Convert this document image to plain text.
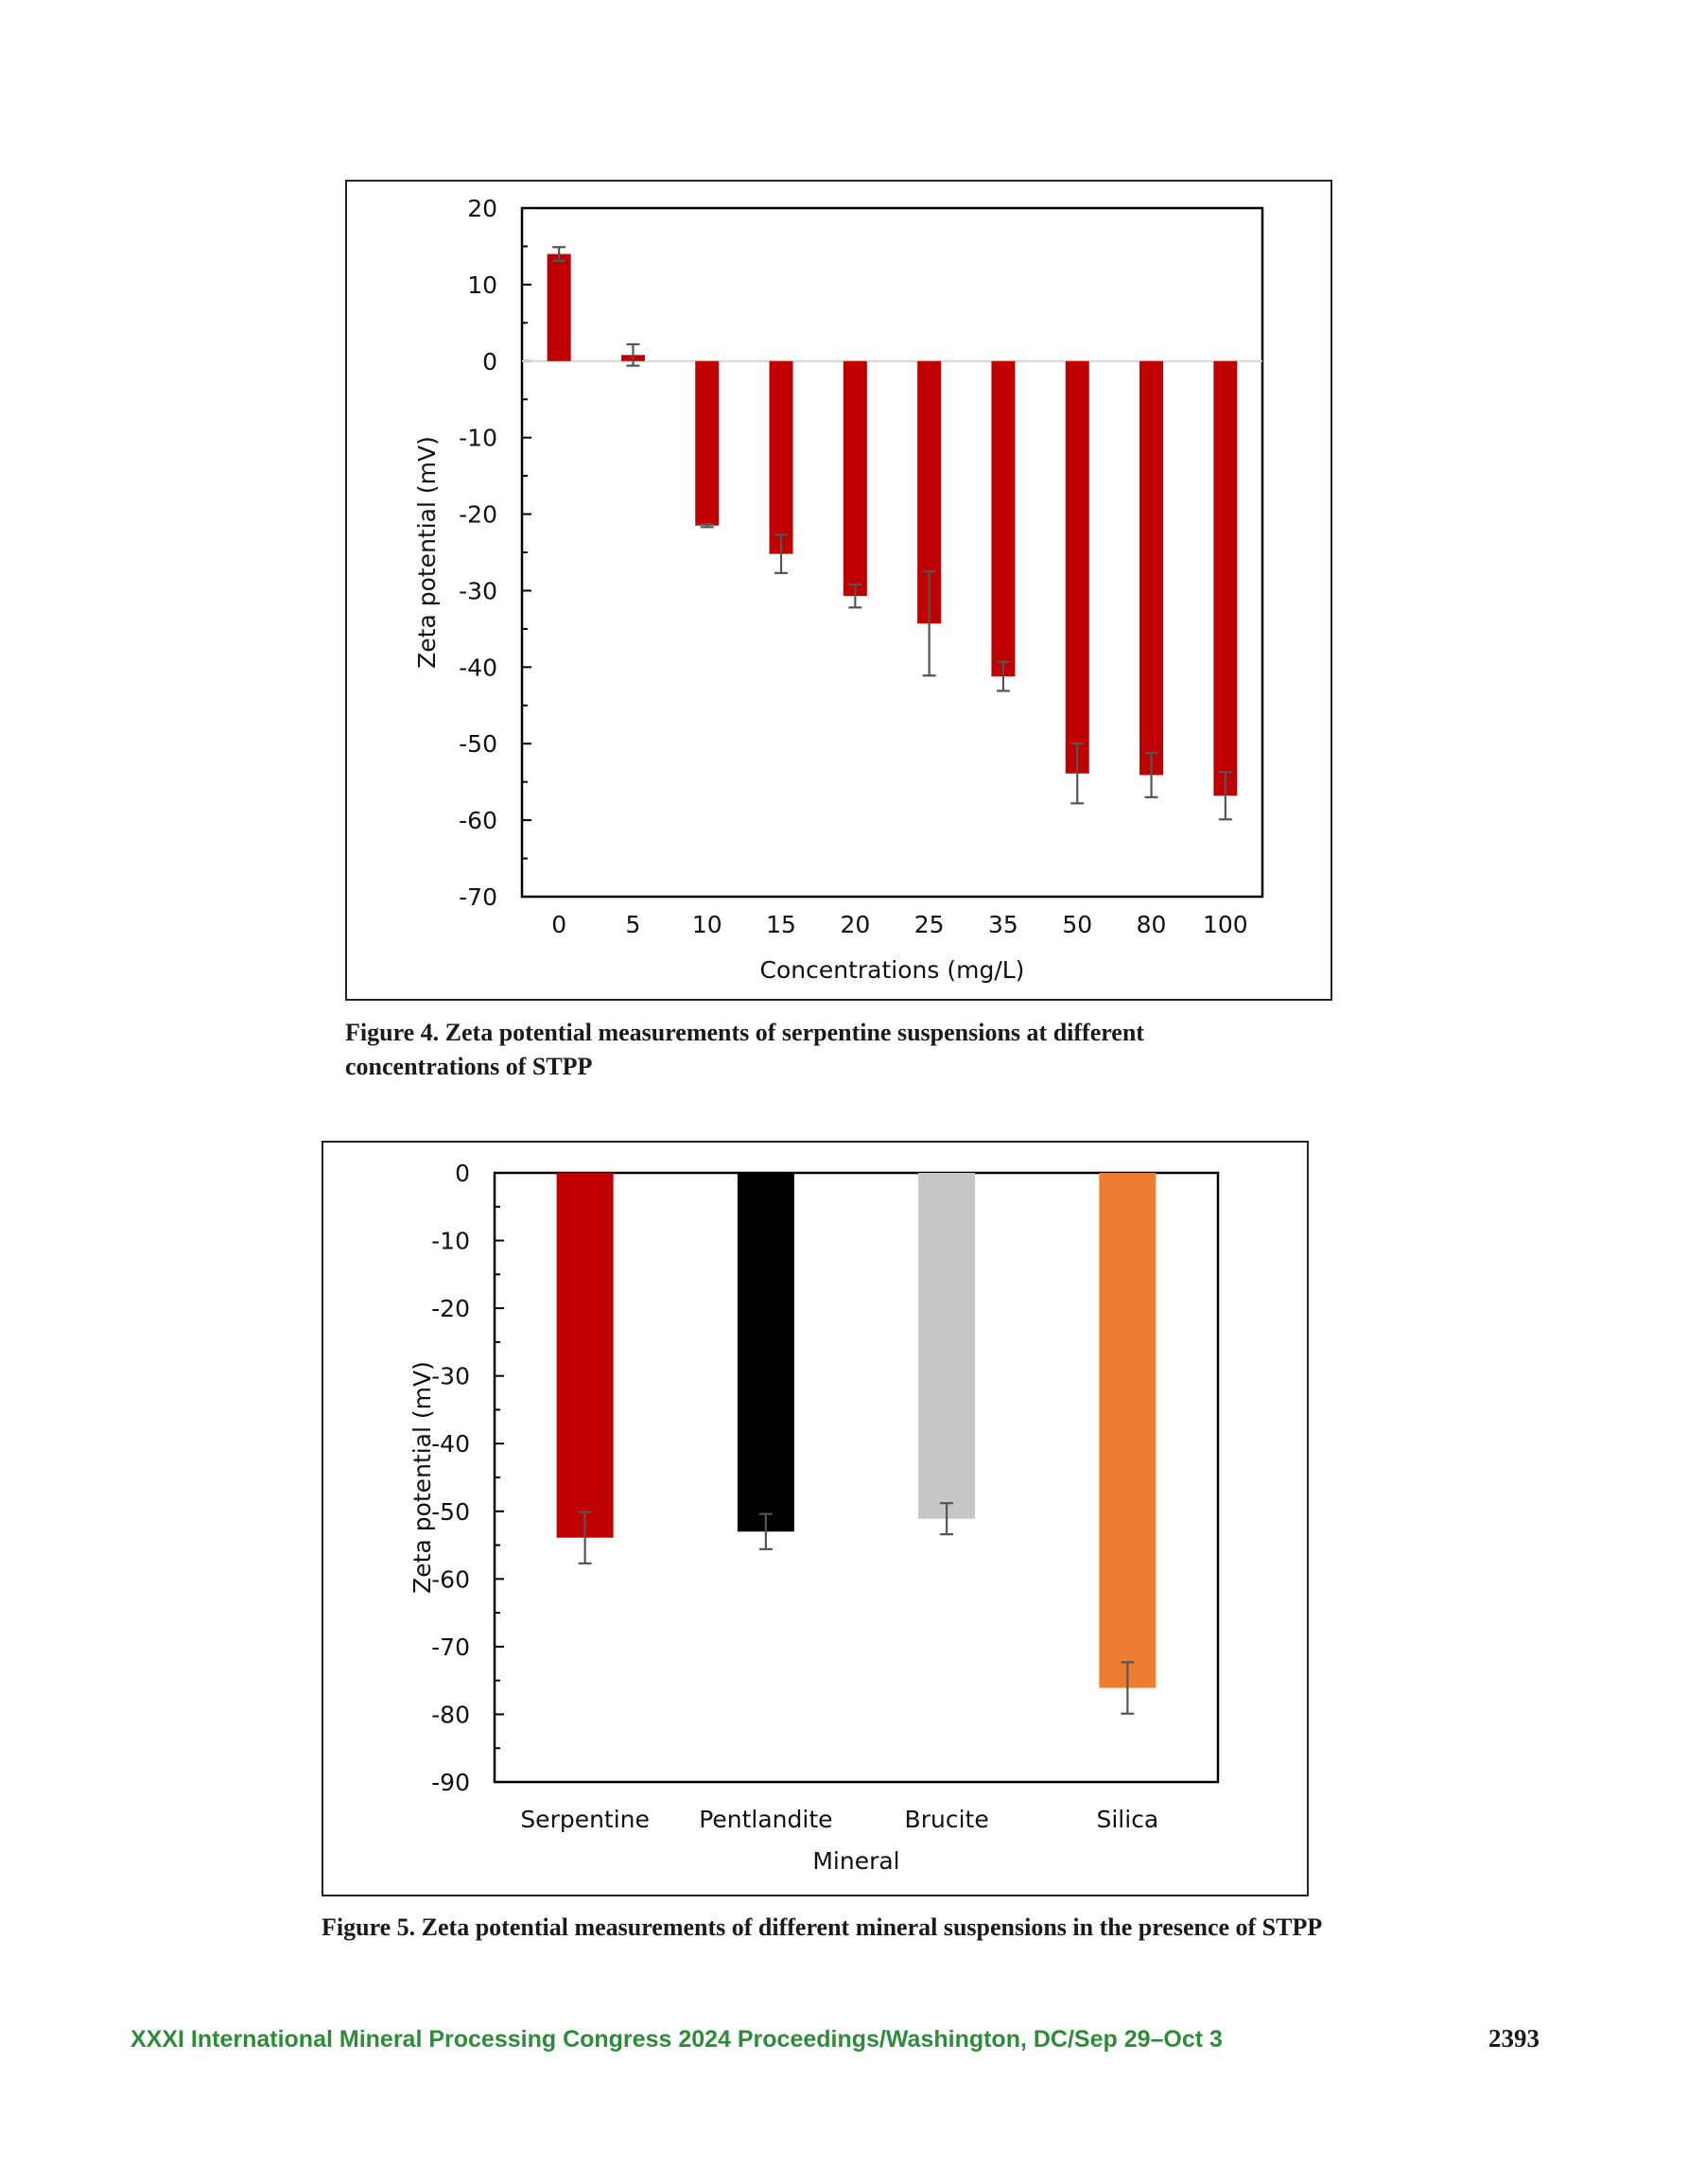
20
10
0
-10
-20
-30
-40
-50
-60
-70
0 5 10 15 20 25 35 50 80 100
Concentrations (mg/L)
Zeta potential (mV)
Figure 4. Zeta potential measurements of serpentine suspensions at different concentrations of STPP
0
-10
-20
-30
-40
-50
-60
-70
-80
-90
Serpentine Pentlandite	Brucite	Silica
Mineral
Zeta potential (mV)
Figure 5. Zeta potential measurements of different mineral suspensions in the presence of STPP
XXXI International Mineral Processing Congress 2024 Proceedings/Washington, DC/Sep 29–Oct 3	2393
